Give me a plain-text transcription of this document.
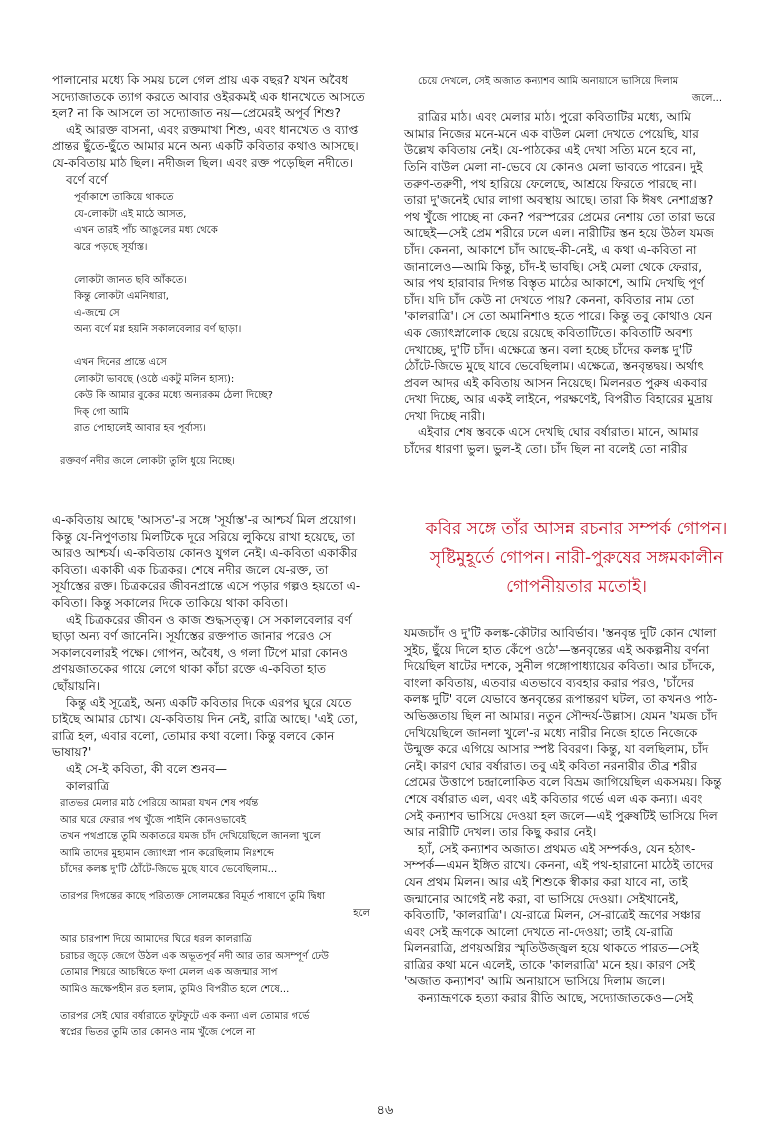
পালানোর মধ্যে কি সময় চলে গেল প্রায় এক বছর? যখন অবৈধ সদ্যোজাতকে ত্যাগ করতে আবার ওইরকমই এক ধানখেতে আসতে হল? না কি আসলে তা সদ্যোজাত নয়—প্রেমেরই অপূর্ব শিশু?

এই আরক্ত বাসনা, এবং রক্তমাখা শিশু, এবং ধানখেত ও ব্যাপ্ত প্রান্তর ছুঁতে-ছুঁতে আমার মনে অন্য একটি কবিতার কথাও আসছে। যে-কবিতায় মাঠ ছিল। নদীজল ছিল। এবং রক্ত পড়েছিল নদীতে।

বর্ণে বর্ণে

পূর্বাকাশে তাকিয়ে থাকতে
যে-লোকটা এই মাঠে আসত,
এখন তারই পাঁচ আঙুলের মধ্য থেকে
ঝরে পড়ছে সূর্যাস্ত।
লোকটা জানত ছবি আঁকতে।
কিন্তু লোকটা এমনিধারা,
এ-জন্মে সে
অন্য বর্ণে মগ্ন হয়নি সকালবেলার বর্ণ ছাড়া।
এখন দিনের প্রান্তে এসে
লোকটা ভাবছে (ওষ্ঠে একটু মলিন হাস্য):
কেউ কি আমার বুকের মধ্যে অন্যরকম ঠেলা দিচ্ছে?
দিক্‌ গো আমি
রাত পোহালেই আবার হব পূর্বাস্য।
রক্তবর্ণ নদীর জলে লোকটা তুলি ধুয়ে নিচ্ছে।

এ-কবিতায় আছে 'আসত'-র সঙ্গে 'সূর্যাস্ত'-র আশ্চর্য মিল প্রয়োগ। কিন্তু যে-নিপুণতায় মিলটিকে দূরে সরিয়ে লুকিয়ে রাখা হয়েছে, তা আরও আশ্চর্য। এ-কবিতায় কোনও যুগল নেই। এ-কবিতা একাকীর কবিতা। একাকী এক চিত্রকর। শেষে নদীর জলে যে-রক্ত, তা সূর্যাস্তের রক্ত। চিত্রকরের জীবনপ্রান্তে এসে পড়ার গল্পও হয়তো এ-কবিতা। কিন্তু সকালের দিকে তাকিয়ে থাকা কবিতা।

এই চিত্রকরের জীবন ও কাজ শুদ্ধসত্ত্ব। সে সকালবেলার বর্ণ ছাড়া অন্য বর্ণ জানেনি। সূর্যাস্তের রক্তপাত জানার পরেও সে সকালবেলারই পক্ষে। গোপন, অবৈধ, ও গলা টিপে মারা কোনও প্রণয়জাতকের গায়ে লেগে থাকা কাঁচা রক্তে এ-কবিতা হাত ছোঁয়ায়নি।

কিন্তু এই সূত্রেই, অন্য একটি কবিতার দিকে এরপর ঘুরে যেতে চাইছে আমার চোখ। যে-কবিতায় দিন নেই, রাত্রি আছে। 'এই তো, রাত্রি হল, এবার বলো, তোমার কথা বলো। কিন্তু বলবে কোন ভাষায়?'

এই সে-ই কবিতা, কী বলে শুনব—

কালরাত্রি

রাতভর মেলার মাঠ পেরিয়ে আমরা যখন শেষ পর্যন্ত
আর ঘরে ফেরার পথ খুঁজে পাইনি কোনওভাবেই
তখন পথপ্রান্তে তুমি অকাতরে যমজ চাঁদ দেখিয়েছিলে জানলা খুলে
আমি তাদের মুহ্যমান জ্যোৎস্না পান করেছিলাম নিঃশব্দে
চাঁদের কলঙ্ক দু'টি ঠোঁটে-জিভে মুছে যাবে ভেবেছিলাম...
তারপর দিগন্তের কাছে পরিত্যক্ত সোলমঙ্কের বিমূর্ত পাষাণে তুমি দ্বিধা
হলে
আর চারপাশ দিয়ে আমাদের ঘিরে ধরল কালরাত্রি
চরাচর জুড়ে জেগে উঠল এক অভূতপূর্ব নদী আর তার অসম্পূর্ণ ঢেউ
তোমার শিয়রে আচম্বিতে ফণা মেলল এক অজন্মার সাপ
আমিও ভ্রূক্ষেপহীন রত হলাম, তুমিও বিপরীত হলে শেষে...
তারপর সেই ঘোর বর্ষারাতে ফুটফুটে এক কন্যা এল তোমার গর্ভে
স্বপ্নের ভিতর তুমি তার কোনও নাম খুঁজে পেলে না
চেয়ে দেখলে, সেই অজাত কন্যাশব আমি অনায়াসে ভাসিয়ে দিলাম
জলে...

রাত্রির মাঠ। এবং মেলার মাঠ। পুরো কবিতাটির মধ্যে, আমি আমার নিজের মনে-মনে এক বাউল মেলা দেখতে পেয়েছি, যার উল্লেখ কবিতায় নেই। যে-পাঠকের এই দেখা সত্যি মনে হবে না, তিনি বাউল মেলা না-ভেবে যে কোনও মেলা ভাবতে পারেন। দুই তরুণ-তরুণী, পথ হারিয়ে ফেলেছে, আশ্রয়ে ফিরতে পারছে না। তারা দু'জনেই ঘোর লাগা অবস্থায় আছে। তারা কি ঈষৎ নেশাগ্রস্ত? পথ খুঁজে পাচ্ছে না কেন? পরস্পরের প্রেমের নেশায় তো তারা ভরে আছেই—সেই প্রেম শরীরে ঢলে এল। নারীটির স্তন হয়ে উঠল যমজ চাঁদ। কেননা, আকাশে চাঁদ আছে-কী-নেই, এ কথা এ-কবিতা না জানালেও—আমি কিন্তু, চাঁদ-ই ভাবছি। সেই মেলা থেকে ফেরার, আর পথ হারাবার দিগন্ত বিস্তৃত মাঠের আকাশে, আমি দেখছি পূর্ণ চাঁদ। যদি চাঁদ কেউ না দেখতে পায়? কেননা, কবিতার নাম তো 'কালরাত্রি'। সে তো অমানিশাও হতে পারে। কিন্তু তবু কোথাও যেন এক জ্যোৎস্নালোক ছেয়ে রয়েছে কবিতাটিতে। কবিতাটি অবশ্য দেখাচ্ছে, দু'টি চাঁদ। এক্ষেত্রে স্তন। বলা হচ্ছে চাঁদের কলঙ্ক দু'টি ঠোঁটে-জিভে মুছে যাবে ভেবেছিলাম। এক্ষেত্রে, স্তনবৃন্তদ্বয়। অর্থাৎ প্রবল আদর এই কবিতায় আসন নিয়েছে। মিলনরত পুরুষ একবার দেখা দিচ্ছে, আর একই লাইনে, পরক্ষণেই, বিপরীত বিহারের মুদ্রায় দেখা দিচ্ছে নারী।

এইবার শেষ স্তবকে এসে দেখছি ঘোর বর্ষারাত। মানে, আমার চাঁদের ধারণা ভুল। ভুল-ই তো। চাঁদ ছিল না বলেই তো নারীর

কবির সঙ্গে তাঁর আসন্ন রচনার সম্পর্ক গোপন। সৃষ্টিমুহূর্তে গোপন। নারী-পুরুষের সঙ্গমকালীন গোপনীয়তার মতোই।

যমজচাঁদ ও দু'টি কলঙ্ক-কৌটার আবির্ভাব। 'স্তনবৃন্ত দুটি কোন খোলা সুইচ, ছুঁয়ে দিলে হাত কেঁপে ওঠে'—স্তনবৃন্তের এই অকল্পনীয় বর্ণনা দিয়েছিল ষাটের দশকে, সুনীল গঙ্গোপাধ্যায়ের কবিতা। আর চাঁদকে, বাংলা কবিতায়, এতবার এতভাবে ব্যবহার করার পরও, 'চাঁদের কলঙ্ক দুটি' বলে যেভাবে স্তনবৃন্তের রূপান্তরণ ঘটল, তা কখনও পাঠ-অভিজ্ঞতায় ছিল না আমার। নতুন সৌন্দর্য-উল্লাস। যেমন 'যমজ চাঁদ দেখিয়েছিলে জানলা খুলে'-র মধ্যে নারীর নিজে হাতে নিজেকে উন্মুক্ত করে এগিয়ে আসার স্পষ্ট বিবরণ। কিন্তু, যা বলছিলাম, চাঁদ নেই। কারণ ঘোর বর্ষারাত। তবু এই কবিতা নরনারীর তীব্র শরীর প্রেমের উত্তাপে চন্দ্রালোকিত বলে বিভ্রম জাগিয়েছিল একসময়। কিন্তু শেষে বর্ষারাত এল, এবং এই কবিতার গর্ভে এল এক কন্যা। এবং সেই কন্যাশব ভাসিয়ে দেওয়া হল জলে—এই পুরুষটিই ভাসিয়ে দিল আর নারীটি দেখল। তার কিছু করার নেই।

হ্যাঁ, সেই কন্যাশব অজাত। প্রথমত এই সম্পর্কও, যেন হঠাৎ-সম্পর্ক—এমন ইঙ্গিত রাখে। কেননা, এই পথ-হারানো মাঠেই তাদের যেন প্রথম মিলন। আর এই শিশুকে স্বীকার করা যাবে না, তাই জন্মানোর আগেই নষ্ট করা, বা ভাসিয়ে দেওয়া। সেইখানেই, কবিতাটি, 'কালরাত্রি'। যে-রাত্রে মিলন, সে-রাত্রেই ভ্রূণের সঞ্চার এবং সেই ভ্রূণকে আলো দেখতে না-দেওয়া; তাই যে-রাত্রি মিলনরাত্রি, প্রণয়অগ্নির স্মৃতিউজ্জ্বল হয়ে থাকতে পারত—সেই রাত্রির কথা মনে এলেই, তাকে 'কালরাত্রি' মনে হয়। কারণ সেই 'অজাত কন্যাশব' আমি অনায়াসে ভাসিয়ে দিলাম জলে।

কন্যাভ্রূণকে হত্যা করার রীতি আছে, সদ্যোজাতকেও—সেই

৪৬
